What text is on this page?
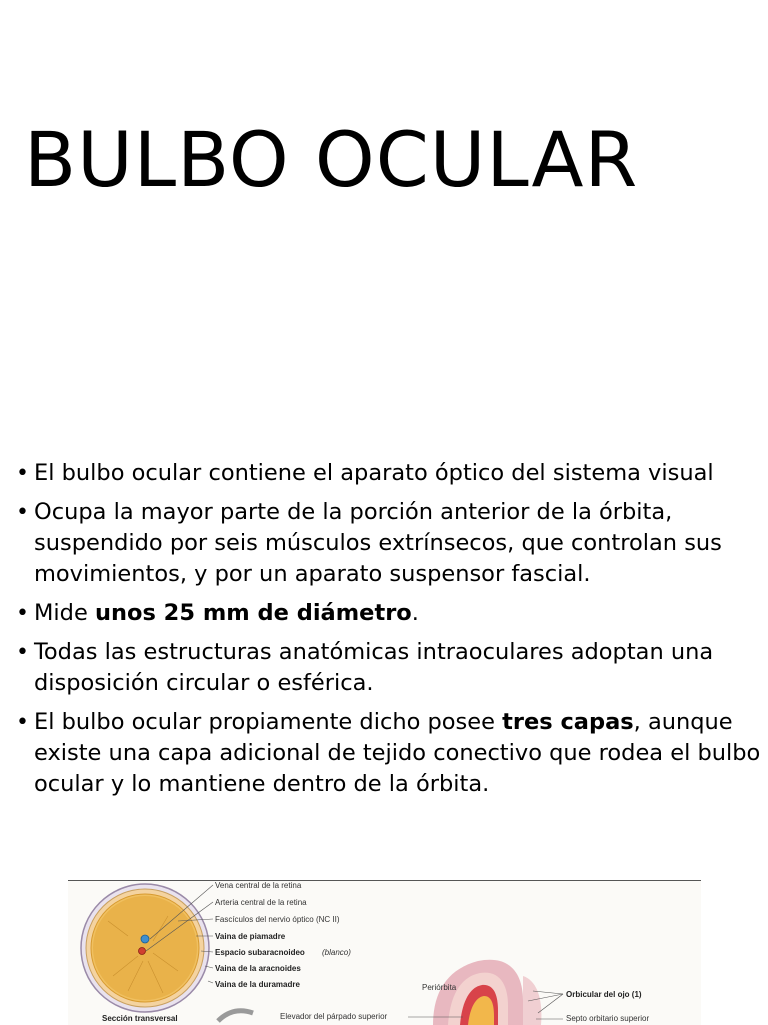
BULBO OCULAR
• El bulbo ocular contiene el aparato óptico del sistema visual
• Ocupa la mayor parte de la porción anterior de la órbita, suspendido por seis músculos extrínsecos, que controlan sus movimientos, y por un aparato suspensor fascial.
• Mide unos 25 mm de diámetro.
• Todas las estructuras anatómicas intraoculares adoptan una disposición circular o esférica.
• El bulbo ocular propiamente dicho posee tres capas, aunque existe una capa adicional de tejido conectivo que rodea el bulbo ocular y lo mantiene dentro de la órbita.
Vena central de la retina
Arteria central de la retina
Fascículos del nervio óptico (NC II)
Vaina de piamadre
Espacio subaracnoideo (blanco)
Vaina de la aracnoides
Vaina de la duramadre
Sección transversal
Periórbita
Elevador del párpado superior
Orbicular del ojo (1)
Septo orbitario superior
